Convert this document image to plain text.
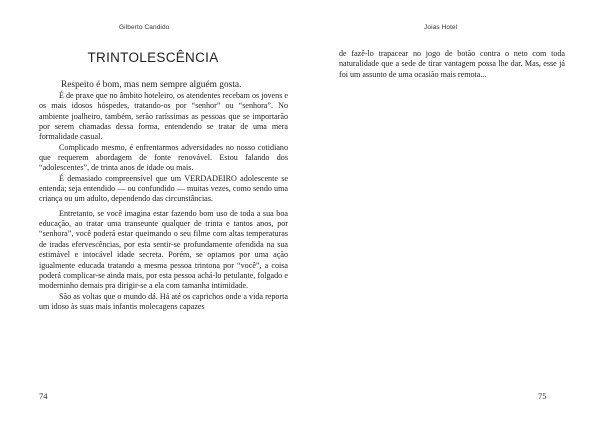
Gilberto Candido
TRINTOLESCÊNCIA

Respeito é bom, mas nem sempre alguém gosta.

É de praxe que no âmbito hoteleiro, os atendentes recebam os jovens e os mais idosos hóspedes, tratando-os por “senhor” ou “senhora”. No ambiente joalheiro, também, serão raríssimas as pessoas que se importarão por serem chamadas dessa forma, entendendo se tratar de uma mera formalidade casual.

Complicado mesmo, é enfrentarmos adversidades no nosso cotidiano que requerem abordagem de fonte renovável. Estou falando dos “adolescentes”, de trinta anos de idade ou mais.

É demasiado compreensível que um VERDADEIRO adolescente se entenda; seja entendido — ou confundido — muitas vezes, como sendo uma criança ou um adulto, dependendo das circunstâncias.

Entretanto, se você imagina estar fazendo bom uso de toda a sua boa educação, ao tratar uma transeunte qualquer de trinta e tantos anos, por “senhora”, você poderá estar queimando o seu filme com altas temperaturas de iradas efervescências, por esta sentir-se profundamente ofendida na sua estimável e intocável idade secreta. Porém, se optamos por uma ação igualmente educada tratando a mesma pessoa trintona por “você”, a coisa poderá complicar-se ainda mais, por esta pessoa achá-lo petulante, folgado e moderninho demais pra dirigir-se a ela com tamanha intimidade.

São as voltas que o mundo dá. Há até os caprichos onde a vida reporta um idoso às suas mais infantis molecagens capazes

74
Joias Hotel

de fazê-lo trapacear no jogo de botão contra o neto com toda naturalidade que a sede de tirar vantagem possa lhe dar. Mas, esse já foi um assunto de uma ocasião mais remota...

75
